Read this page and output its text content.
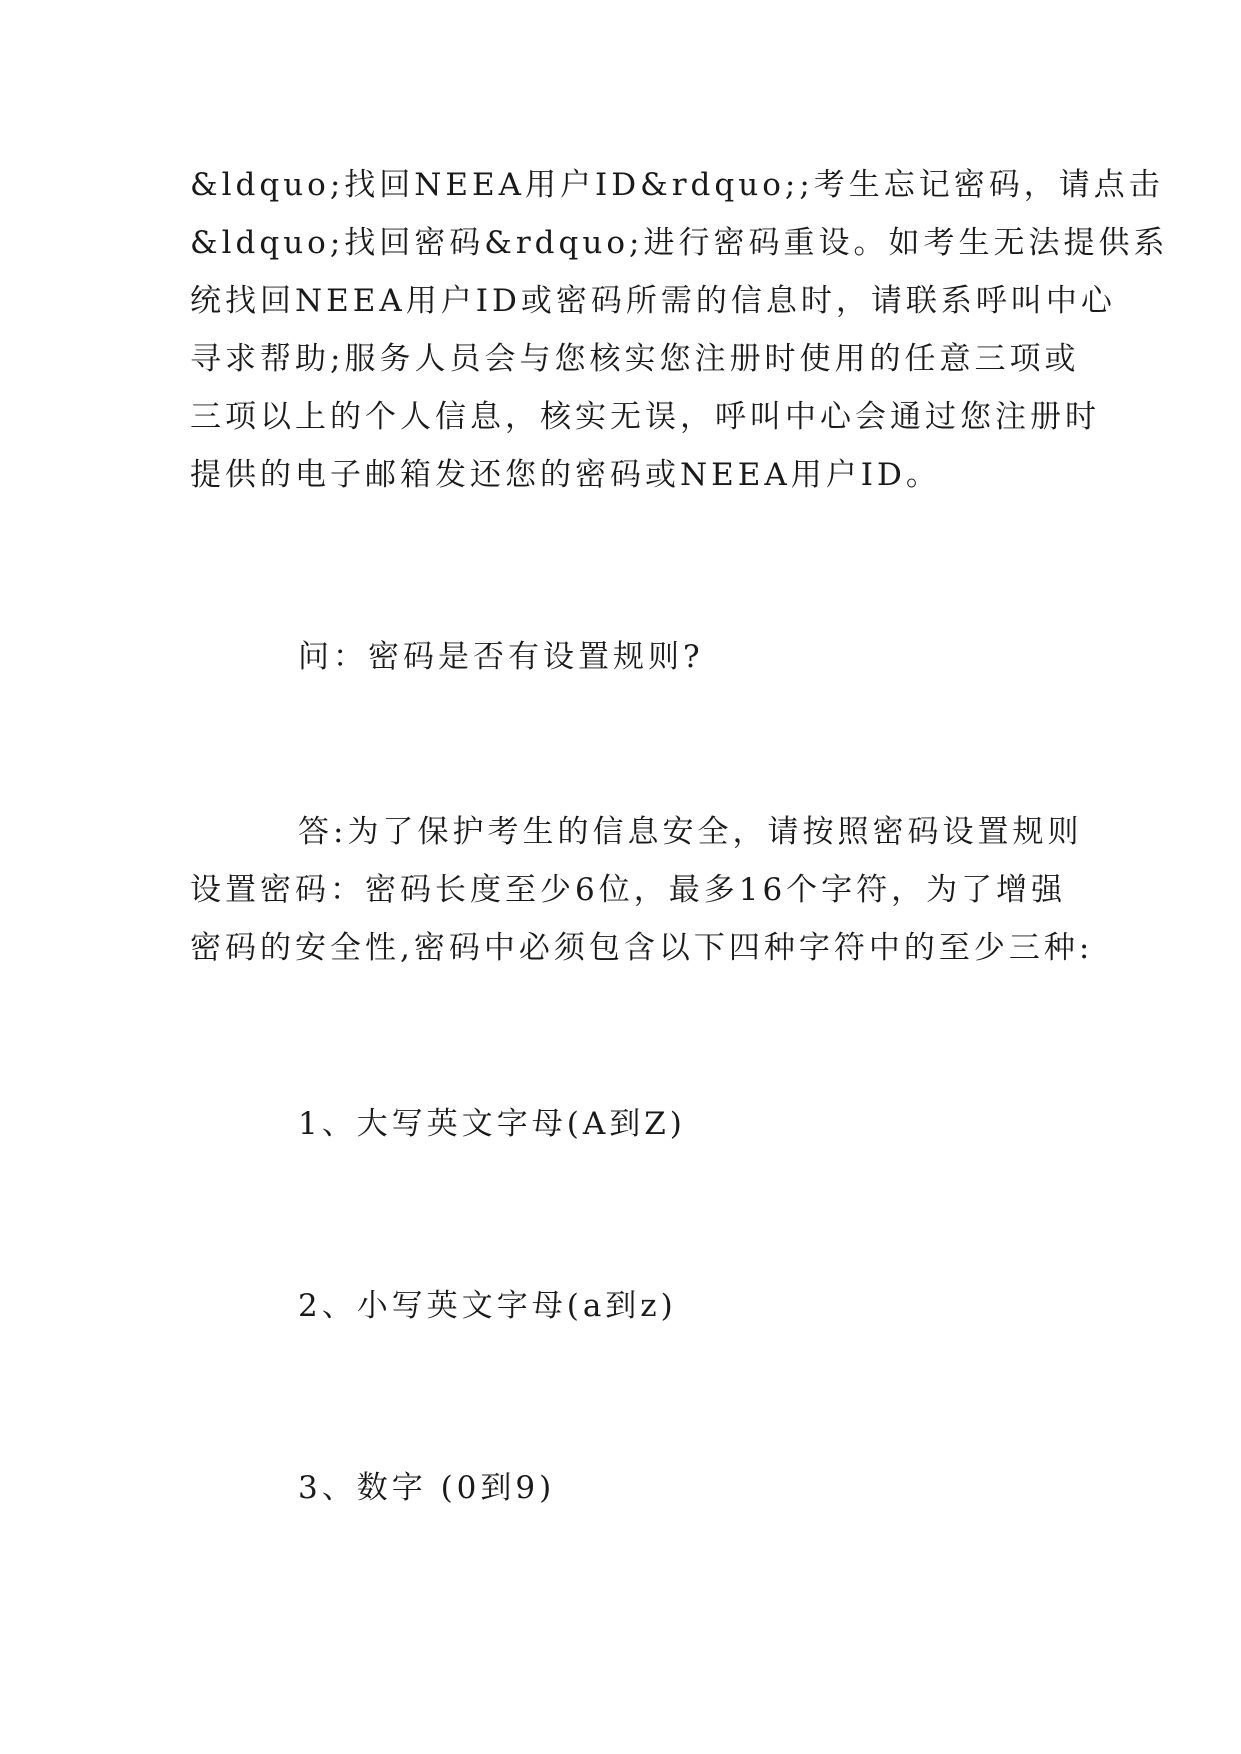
&ldquo;找回NEEA用户ID&rdquo;;考生忘记密码，请点击
&ldquo;找回密码&rdquo;进行密码重设。如考生无法提供系
统找回NEEA用户ID或密码所需的信息时，请联系呼叫中心
寻求帮助;服务人员会与您核实您注册时使用的任意三项或
三项以上的个人信息，核实无误，呼叫中心会通过您注册时
提供的电子邮箱发还您的密码或NEEA用户ID。
问：密码是否有设置规则?
答:为了保护考生的信息安全，请按照密码设置规则
设置密码：密码长度至少6位，最多16个字符，为了增强
密码的安全性,密码中必须包含以下四种字符中的至少三种:
1、大写英文字母(A到Z)
2、小写英文字母(a到z)
3、数字 (0到9)
